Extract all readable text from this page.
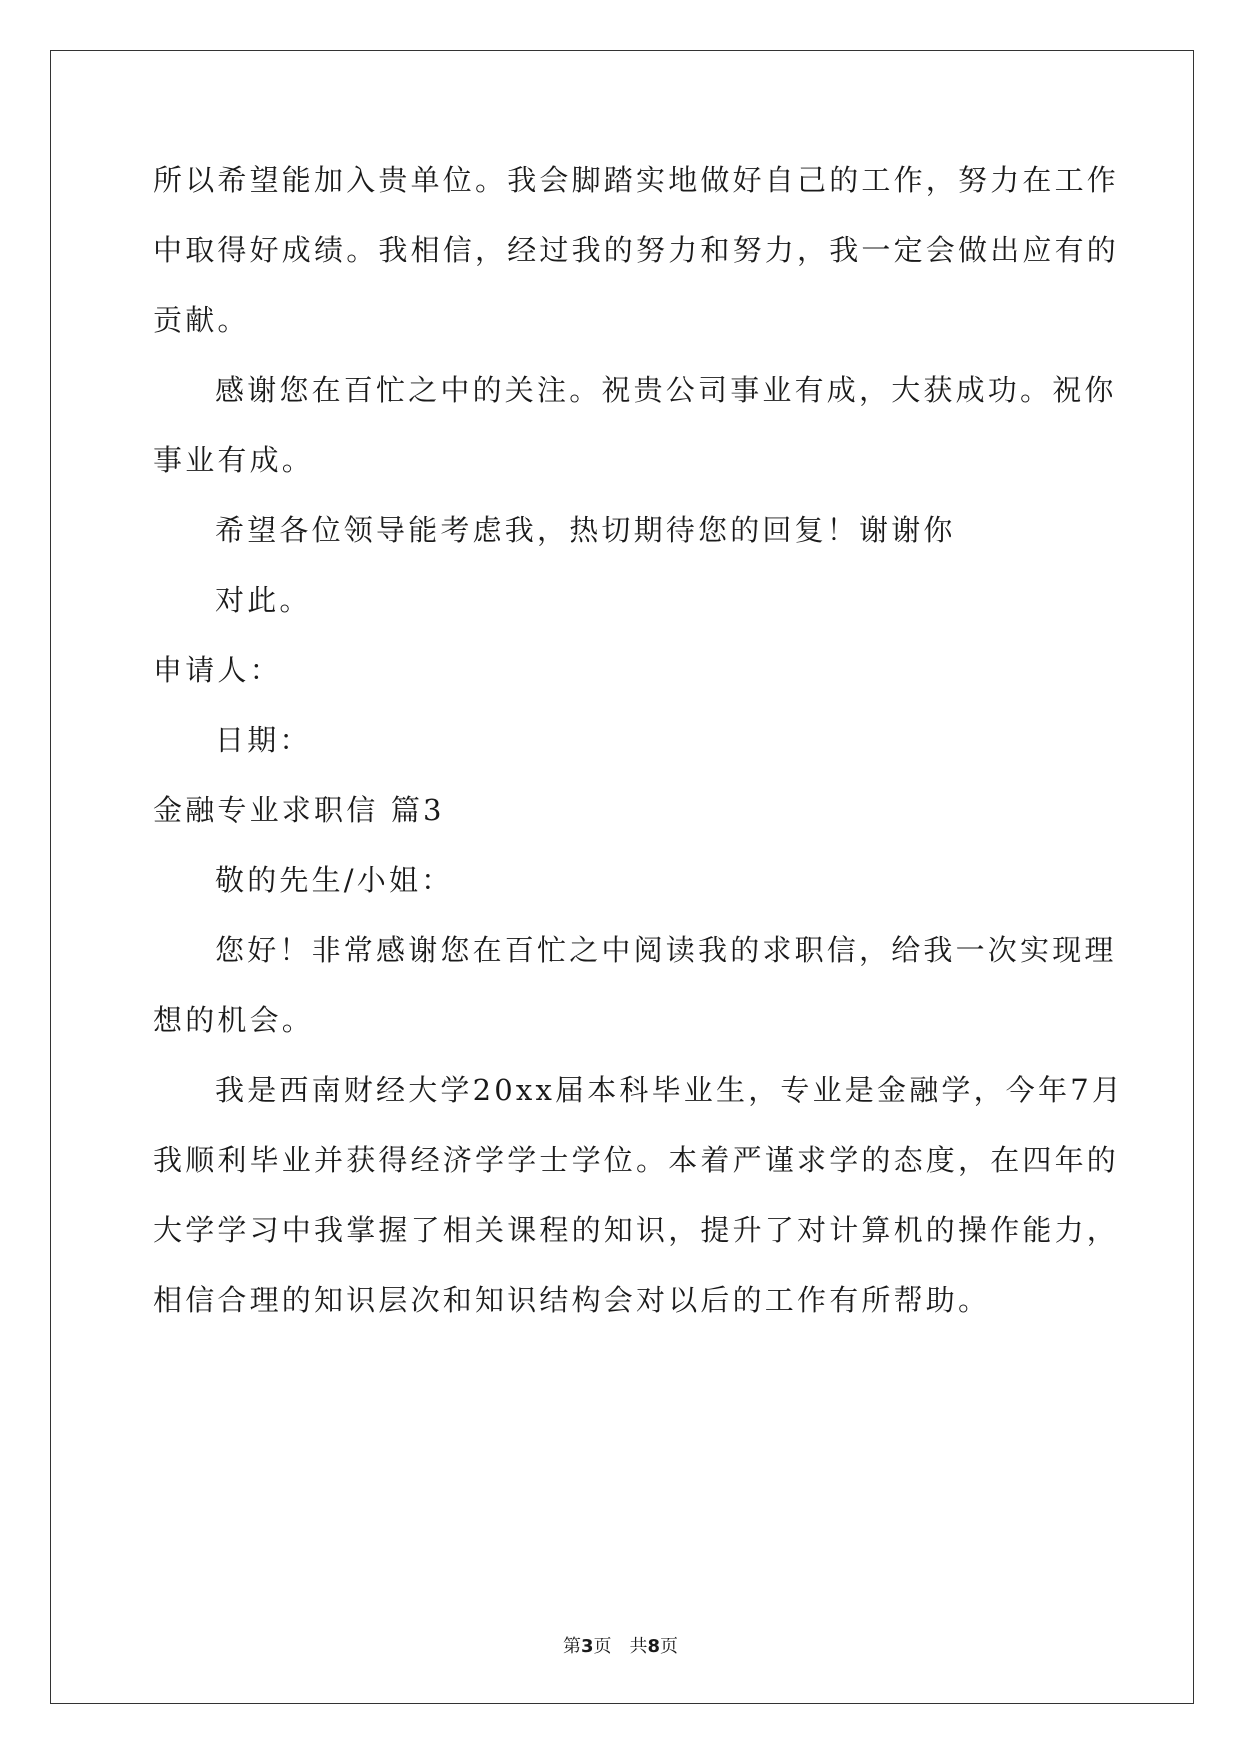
所以希望能加入贵单位。我会脚踏实地做好自己的工作，努力在工作
中取得好成绩。我相信，经过我的努力和努力，我一定会做出应有的
贡献。
感谢您在百忙之中的关注。祝贵公司事业有成，大获成功。祝你
事业有成。
希望各位领导能考虑我，热切期待您的回复！谢谢你
对此。
申请人：
日期：
金融专业求职信 篇3
敬的先生/小姐：
您好！非常感谢您在百忙之中阅读我的求职信，给我一次实现理
想的机会。
我是西南财经大学20xx届本科毕业生，专业是金融学，今年7月
我顺利毕业并获得经济学学士学位。本着严谨求学的态度，在四年的
大学学习中我掌握了相关课程的知识，提升了对计算机的操作能力，
相信合理的知识层次和知识结构会对以后的工作有所帮助。
第3页 共8页
